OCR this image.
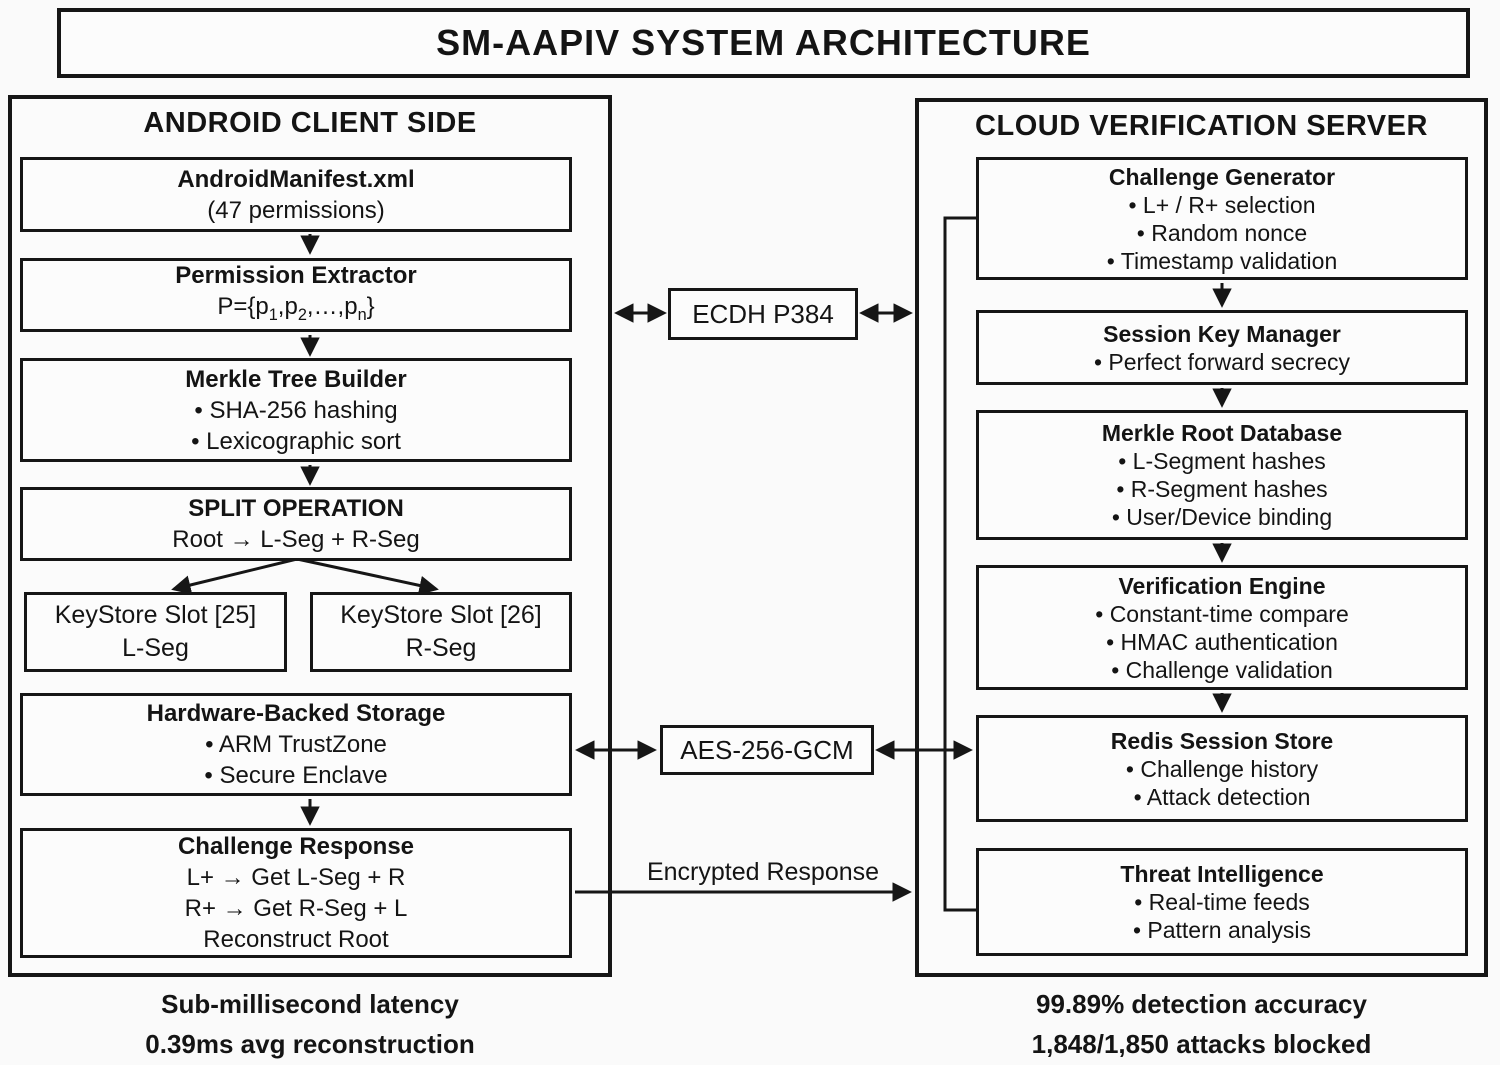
SM-AAPIV SYSTEM ARCHITECTURE
ANDROID CLIENT SIDE	CLOUD VERIFICATION SERVER
AndroidManifest.xml
(47 permissions)
Permission Extractor
$P=\{p_1,p_2,\dots,p_n\}$
Merkle Tree Builder
• SHA-256 hashing
• Lexicographic sort
SPLIT OPERATION
Root → L-Seg + R-Seg
KeyStore Slot [25]
L-Seg
KeyStore Slot [26]
R-Seg
Hardware-Backed Storage
• ARM TrustZone
• Secure Enclave
Challenge Response
L+ → Get L-Seg + R
R+ → Get R-Seg + L
Reconstruct Root
ECDH P384
AES-256-GCM
Encrypted Response
Challenge Generator
• L+ / R+ selection
• Random nonce
• Timestamp validation
Session Key Manager
• Perfect forward secrecy
Merkle Root Database
• L-Segment hashes
• R-Segment hashes
• User/Device binding
Verification Engine
• Constant-time compare
• HMAC authentication
• Challenge validation
Redis Session Store
• Challenge history
• Attack detection
Threat Intelligence
• Real-time feeds
• Pattern analysis
Sub-millisecond latency
0.39ms avg reconstruction
99.89% detection accuracy
1,848/1,850 attacks blocked
